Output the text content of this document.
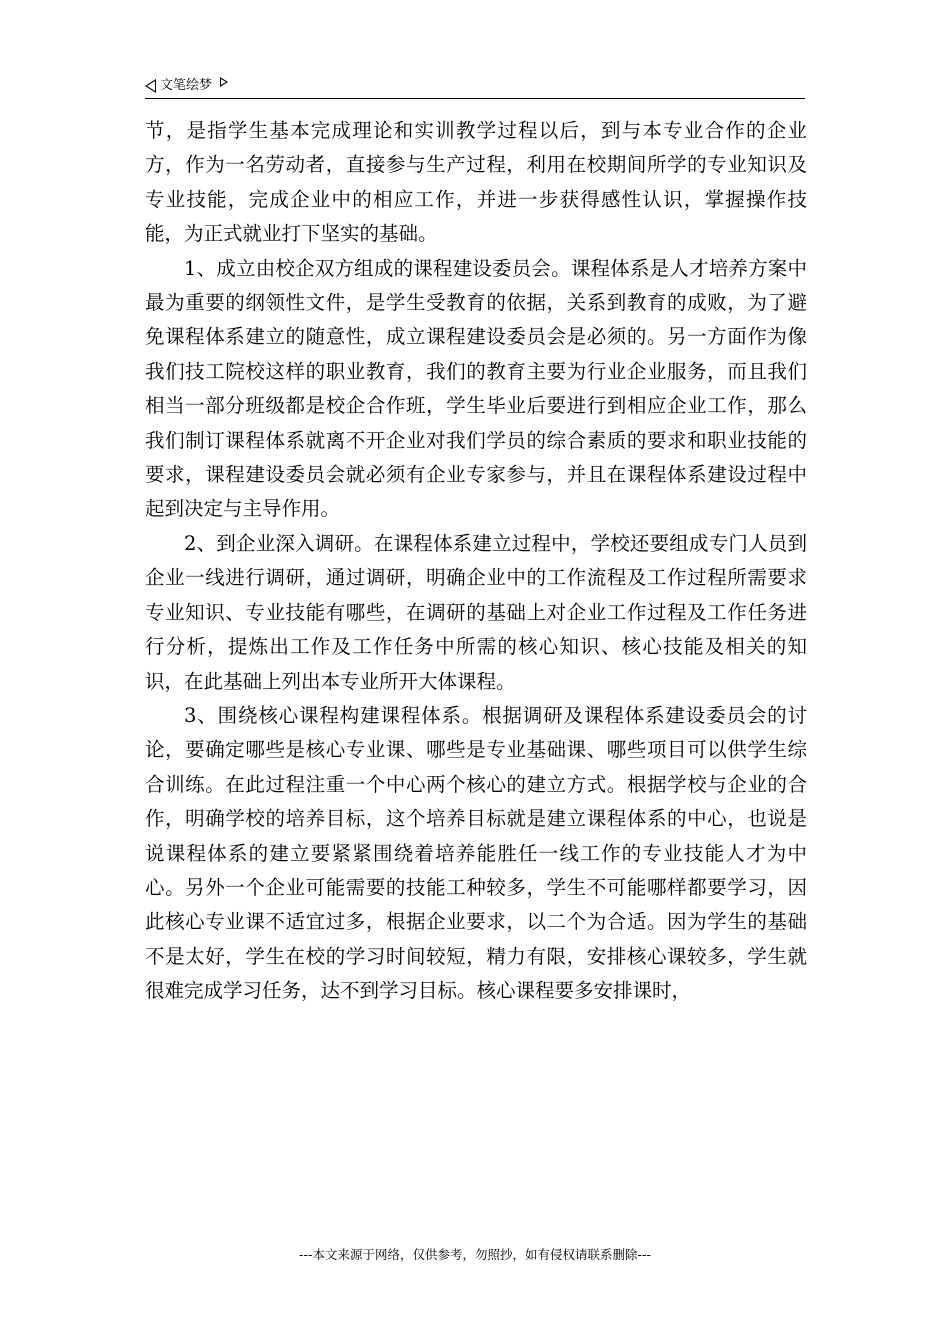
文笔绘梦

节，是指学生基本完成理论和实训教学过程以后，到与本专业合作的企业方，作为一名劳动者，直接参与生产过程，利用在校期间所学的专业知识及专业技能，完成企业中的相应工作，并进一步获得感性认识，掌握操作技能，为正式就业打下坚实的基础。

1、成立由校企双方组成的课程建设委员会。课程体系是人才培养方案中最为重要的纲领性文件，是学生受教育的依据，关系到教育的成败，为了避免课程体系建立的随意性，成立课程建设委员会是必须的。另一方面作为像我们技工院校这样的职业教育，我们的教育主要为行业企业服务，而且我们相当一部分班级都是校企合作班，学生毕业后要进行到相应企业工作，那么我们制订课程体系就离不开企业对我们学员的综合素质的要求和职业技能的要求，课程建设委员会就必须有企业专家参与，并且在课程体系建设过程中起到决定与主导作用。

2、到企业深入调研。在课程体系建立过程中，学校还要组成专门人员到企业一线进行调研，通过调研，明确企业中的工作流程及工作过程所需要求专业知识、专业技能有哪些，在调研的基础上对企业工作过程及工作任务进行分析，提炼出工作及工作任务中所需的核心知识、核心技能及相关的知识，在此基础上列出本专业所开大体课程。

3、围绕核心课程构建课程体系。根据调研及课程体系建设委员会的讨论，要确定哪些是核心专业课、哪些是专业基础课、哪些项目可以供学生综合训练。在此过程注重一个中心两个核心的建立方式。根据学校与企业的合作，明确学校的培养目标，这个培养目标就是建立课程体系的中心，也说是说课程体系的建立要紧紧围绕着培养能胜任一线工作的专业技能人才为中心。另外一个企业可能需要的技能工种较多，学生不可能哪样都要学习，因此核心专业课不适宜过多，根据企业要求，以二个为合适。因为学生的基础不是太好，学生在校的学习时间较短，精力有限，安排核心课较多，学生就很难完成学习任务，达不到学习目标。核心课程要多安排课时，

---本文来源于网络，仅供参考，勿照抄，如有侵权请联系删除---
